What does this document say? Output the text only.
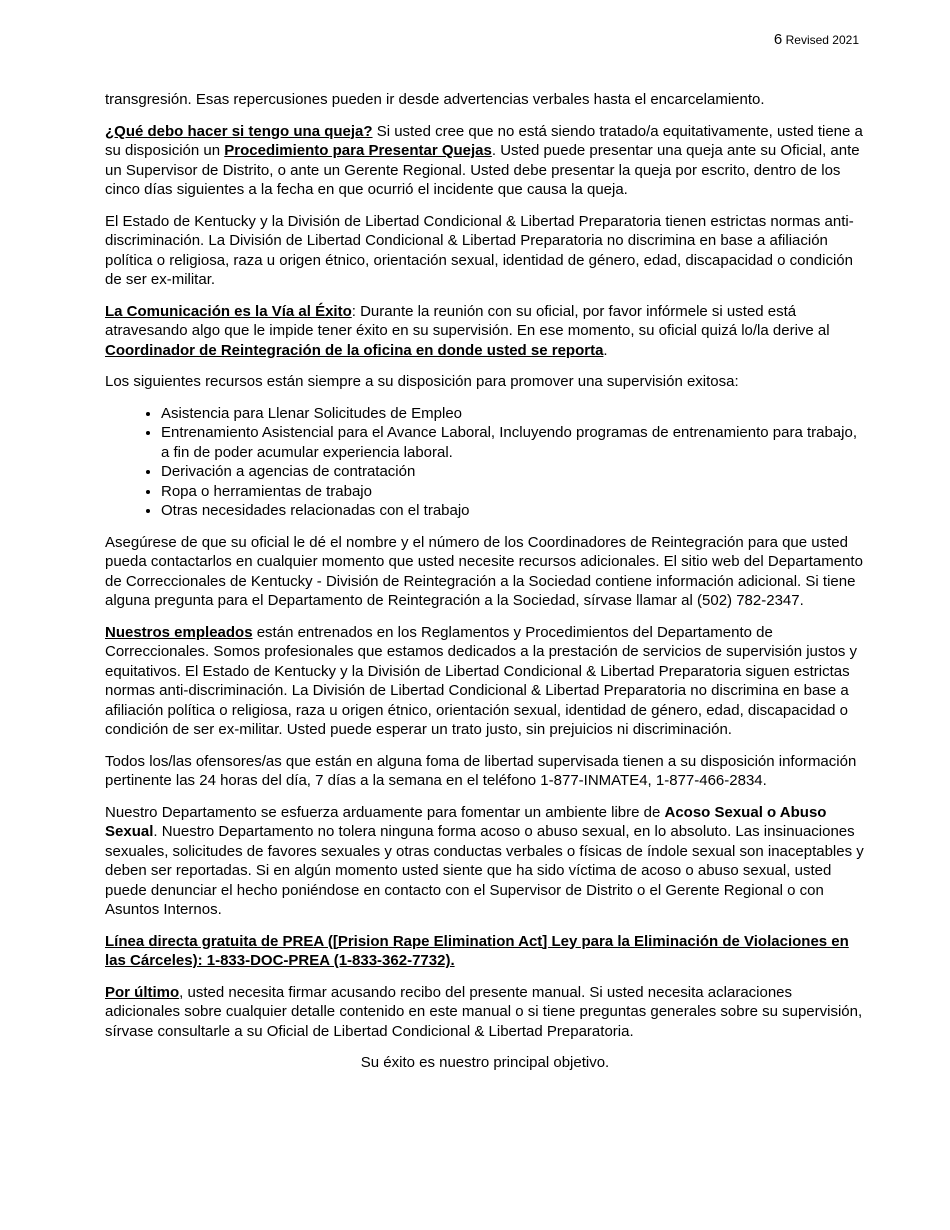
6 Revised 2021

transgresión. Esas repercusiones pueden ir desde advertencias verbales hasta el encarcelamiento.

¿Qué debo hacer si tengo una queja? Si usted cree que no está siendo tratado/a equitativamente, usted tiene a su disposición un Procedimiento para Presentar Quejas. Usted puede presentar una queja ante su Oficial, ante un Supervisor de Distrito, o ante un Gerente Regional. Usted debe presentar la queja por escrito, dentro de los cinco días siguientes a la fecha en que ocurrió el incidente que causa la queja.

El Estado de Kentucky y la División de Libertad Condicional & Libertad Preparatoria tienen estrictas normas anti-discriminación. La División de Libertad Condicional & Libertad Preparatoria no discrimina en base a afiliación política o religiosa, raza u origen étnico, orientación sexual, identidad de género, edad, discapacidad o condición de ser ex-militar.

La Comunicación es la Vía al Éxito: Durante la reunión con su oficial, por favor infórmele si usted está atravesando algo que le impide tener éxito en su supervisión. En ese momento, su oficial quizá lo/la derive al Coordinador de Reintegración de la oficina en donde usted se reporta.

Los siguientes recursos están siempre a su disposición para promover una supervisión exitosa:

• Asistencia para Llenar Solicitudes de Empleo
• Entrenamiento Asistencial para el Avance Laboral, Incluyendo programas de entrenamiento para trabajo, a fin de poder acumular experiencia laboral.
• Derivación a agencias de contratación
• Ropa o herramientas de trabajo
• Otras necesidades relacionadas con el trabajo

Asegúrese de que su oficial le dé el nombre y el número de los Coordinadores de Reintegración para que usted pueda contactarlos en cualquier momento que usted necesite recursos adicionales. El sitio web del Departamento de Correccionales de Kentucky - División de Reintegración a la Sociedad contiene información adicional. Si tiene alguna pregunta para el Departamento de Reintegración a la Sociedad, sírvase llamar al (502) 782-2347.

Nuestros empleados están entrenados en los Reglamentos y Procedimientos del Departamento de Correccionales. Somos profesionales que estamos dedicados a la prestación de servicios de supervisión justos y equitativos. El Estado de Kentucky y la División de Libertad Condicional & Libertad Preparatoria siguen estrictas normas anti-discriminación. La División de Libertad Condicional & Libertad Preparatoria no discrimina en base a afiliación política o religiosa, raza u origen étnico, orientación sexual, identidad de género, edad, discapacidad o condición de ser ex-militar. Usted puede esperar un trato justo, sin prejuicios ni discriminación.

Todos los/las ofensores/as que están en alguna foma de libertad supervisada tienen a su disposición información pertinente las 24 horas del día, 7 días a la semana en el teléfono 1-877-INMATE4, 1-877-466-2834.

Nuestro Departamento se esfuerza arduamente para fomentar un ambiente libre de Acoso Sexual o Abuso Sexual. Nuestro Departamento no tolera ninguna forma acoso o abuso sexual, en lo absoluto. Las insinuaciones sexuales, solicitudes de favores sexuales y otras conductas verbales o físicas de índole sexual son inaceptables y deben ser reportadas. Si en algún momento usted siente que ha sido víctima de acoso o abuso sexual, usted puede denunciar el hecho poniéndose en contacto con el Supervisor de Distrito o el Gerente Regional o con Asuntos Internos.

Línea directa gratuita de PREA ([Prision Rape Elimination Act] Ley para la Eliminación de Violaciones en las Cárceles): 1-833-DOC-PREA (1-833-362-7732).

Por último, usted necesita firmar acusando recibo del presente manual. Si usted necesita aclaraciones adicionales sobre cualquier detalle contenido en este manual o si tiene preguntas generales sobre su supervisión, sírvase consultarle a su Oficial de Libertad Condicional & Libertad Preparatoria.

Su éxito es nuestro principal objetivo.
